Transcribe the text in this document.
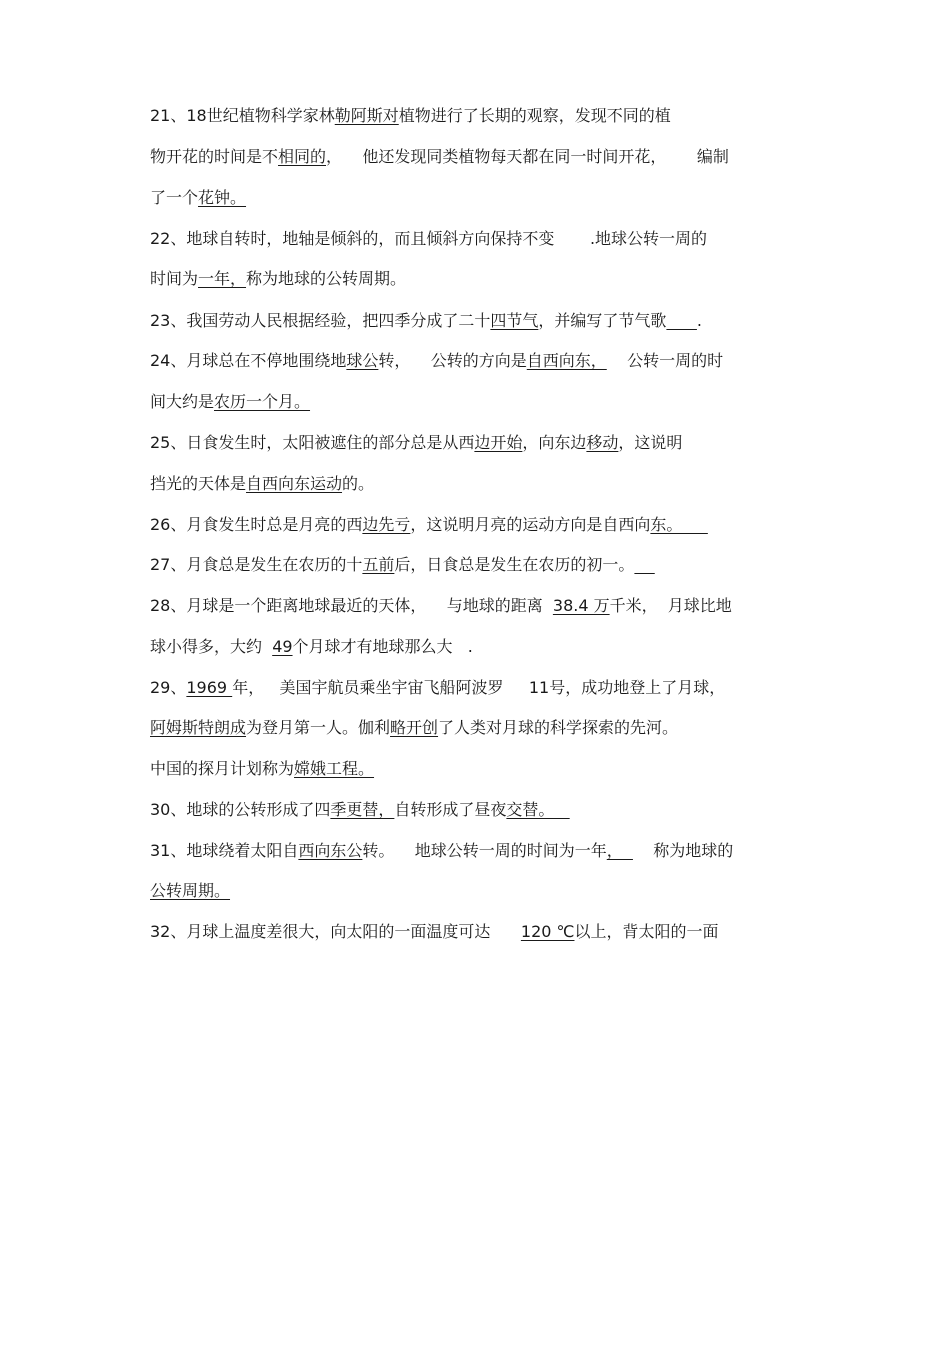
21、18世纪植物科学家林勒阿斯对植物进行了长期的观察，发现不同的植
物开花的时间是不相同的，    他还发现同类植物每天都在同一时间开花，      编制
了一个花钟。
22、地球自转时，地轴是倾斜的，而且倾斜方向保持不变       .地球公转一周的
时间为一年，称为地球的公转周期。
23、我国劳动人民根据经验，把四季分成了二十四节气，并编写了节气歌 .
24、月球总在不停地围绕地球公转，    公转的方向是自西向东，    公转一周的时
间大约是农历一个月。
25、日食发生时，太阳被遮住的部分总是从西边开始，向东边移动，这说明
挡光的天体是自西向东运动的。
26、月食发生时总是月亮的西边先亏，这说明月亮的运动方向是自西向东。
27、月食总是发生在农历的十五前后，日食总是发生在农历的初一。
28、月球是一个距离地球最近的天体，    与地球的距离  38.4 万千米，  月球比地
球小得多，大约  49个月球才有地球那么大   .
29、1969 年，   美国宇航员乘坐宇宙飞船阿波罗     11号，成功地登上了月球，
阿姆斯特朗成为登月第一人。伽利略开创了人类对月球的科学探索的先河。
中国的探月计划称为嫦娥工程。
30、地球的公转形成了四季更替，自转形成了昼夜交替。
31、地球绕着太阳自西向东公转。    地球公转一周的时间为一年，      称为地球的
公转周期。
32、月球上温度差很大，向太阳的一面温度可达      120 ℃以上，背太阳的一面
